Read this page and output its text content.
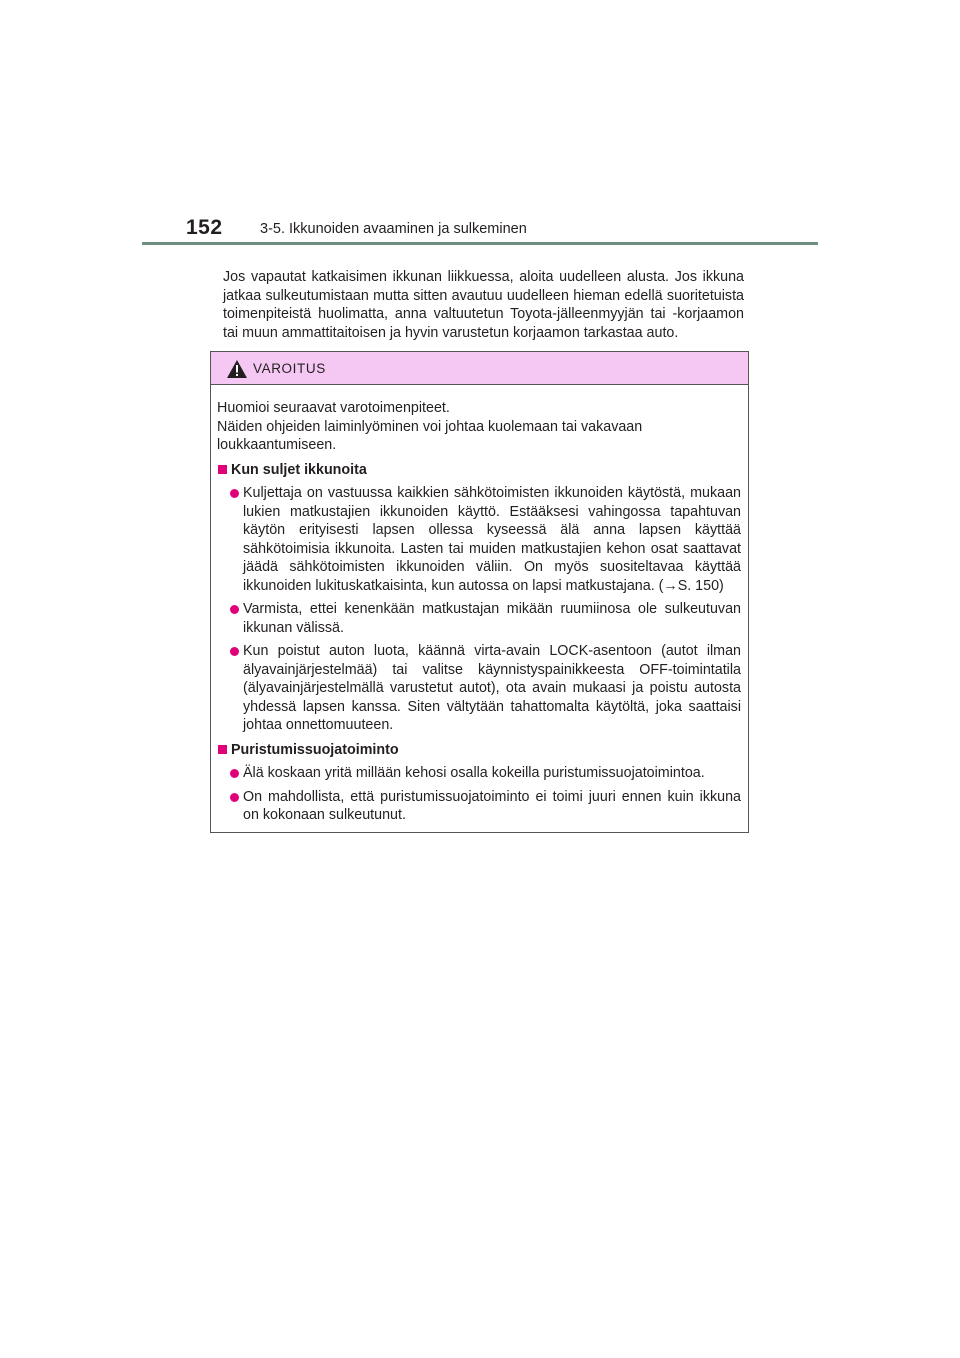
152	3-5. Ikkunoiden avaaminen ja sulkeminen

Jos vapautat katkaisimen ikkunan liikkuessa, aloita uudelleen alusta. Jos ikkuna jatkaa sulkeutumistaan mutta sitten avautuu uudelleen hieman edellä suoritetuista toimenpiteistä huolimatta, anna valtuutetun Toyota-jälleenmyyjän tai -korjaamon tai muun ammattitaitoisen ja hyvin varustetun korjaamon tarkastaa auto.

VAROITUS

Huomioi seuraavat varotoimenpiteet.

Näiden ohjeiden laiminlyöminen voi johtaa kuolemaan tai vakavaan loukkaantumiseen.

Kun suljet ikkunoita
Kuljettaja on vastuussa kaikkien sähkötoimisten ikkunoiden käytöstä, mukaan lukien matkustajien ikkunoiden käyttö. Estääksesi vahingossa tapahtuvan käytön erityisesti lapsen ollessa kyseessä älä anna lapsen käyttää sähkötoimisia ikkunoita. Lasten tai muiden matkustajien kehon osat saattavat jäädä sähkötoimisten ikkunoiden väliin. On myös suositeltavaa käyttää ikkunoiden lukituskatkaisinta, kun autossa on lapsi matkustajana. (→S. 150)
Varmista, ettei kenenkään matkustajan mikään ruumiinosa ole sulkeutuvan ikkunan välissä.
Kun poistut auton luota, käännä virta-avain LOCK-asentoon (autot ilman älyavainjärjestelmää) tai valitse käynnistyspainikkeesta OFF-toimintatila (älyavainjärjestelmällä varustetut autot), ota avain mukaasi ja poistu autosta yhdessä lapsen kanssa. Siten vältytään tahattomalta käytöltä, joka saattaisi johtaa onnettomuuteen.
Puristumissuojatoiminto
Älä koskaan yritä millään kehosi osalla kokeilla puristumissuojatoimintoa.
On mahdollista, että puristumissuojatoiminto ei toimi juuri ennen kuin ikkuna on kokonaan sulkeutunut.
